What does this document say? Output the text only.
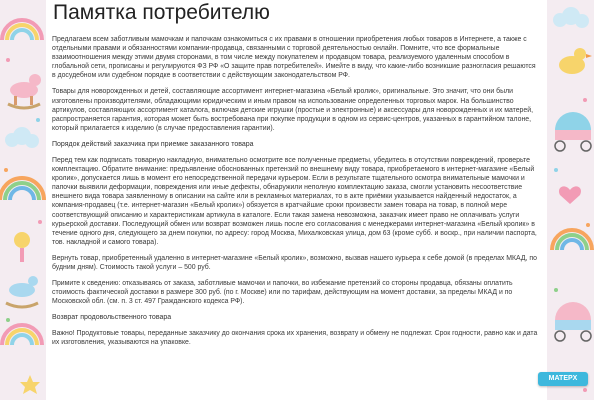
Памятка потребителю

Предлагаем всем заботливым мамочкам и папочкам ознакомиться с их правами в отношении приобретения любых товаров в Интернете, а также с отдельными правами и обязанностями компании-продавца, связанными с торговой деятельностью онлайн. Помните, что все формальные взаимоотношения между этими двумя сторонами, в том числе между покупателем и продавцом товара, реализуемого удаленным способом в глобальной сети, прописаны и регулируются ФЗ РФ «О защите прав потребителей». Имейте в виду, что какие-либо возникшие разногласия решаются в досудебном или судебном порядке в соответствии с действующим законодательством РФ.

Товары для новорожденных и детей, составляющие ассортимент интернет-магазина «Белый кролик», оригинальные. Это значит, что они были изготовлены производителями, обладающими юридическим и иным правом на использование определенных торговых марок. На большинство артикулов, составляющих ассортимент каталога, включая детские игрушки (простые и электронные) и аксессуары для новорожденных и их матерей, распространяется гарантия, которая может быть востребована при покупке продукции в одном из сервис-центров, указанных в гарантийном талоне, который прилагается к изделию (в случае предоставления гарантии).

Порядок действий заказчика при приемке заказанного товара

Перед тем как подписать товарную накладную, внимательно осмотрите все полученные предметы, убедитесь в отсутствии повреждений, проверьте комплектацию. Обратите внимание: предъявление обоснованных претензий по внешнему виду товара, приобретаемого в интернет-магазине «Белый кролик», допускается лишь в момент его непосредственной передачи курьером. Если в результате тщательного осмотра внимательные мамочки и папочки выявили деформации, повреждения или иные дефекты, обнаружили неполную комплектацию заказа, смогли установить несоответствие внешнего вида товара заявленному в описании на сайте или в рекламных материалах, то в акте приёмки указывается найденный недостаток, а компания-продавец (т.е. интернет-магазин «Белый кролик») обязуется в кратчайшие сроки произвести замен товара на товар, в полной мере соответствующий описанию и характеристикам артикула в каталоге. Если такая замена невозможна, заказчик имеет право не оплачивать услуги курьерской доставки. Последующий обмен или возврат возможен лишь после его согласования с менеджерами интернет-магазина «Белый кролик» в течение одного дня, следующего за днем покупки, по адресу: город Москва, Михалковская улица, дом 63 (кроме субб. и воскр., при наличии паспорта, тов. накладной и самого товара).

Вернуть товар, приобретенный удаленно в интернет-магазине «Белый кролик», возможно, вызвав нашего курьера к себе домой (в пределах МКАД, по будним дням). Стоимость такой услуги – 500 руб.

Примите к сведению: отказываясь от заказа, заботливые мамочки и папочки, во избежание претензий со стороны продавца, обязаны оплатить стоимость фактической доставки в размере 300 руб. (по г. Москве) или по тарифам, действующим на момент доставки, за пределы МКАД и по Московской обл. (см. п. 3 ст. 497 Гражданского кодекса РФ).

Возврат продовольственного товара

Важно! Продуктовые товары, переданные заказчику до окончания срока их хранения, возврату и обмену не подлежат. Срок годности, равно как и дата их изготовления, указываются на упаковке.

MATEPX
